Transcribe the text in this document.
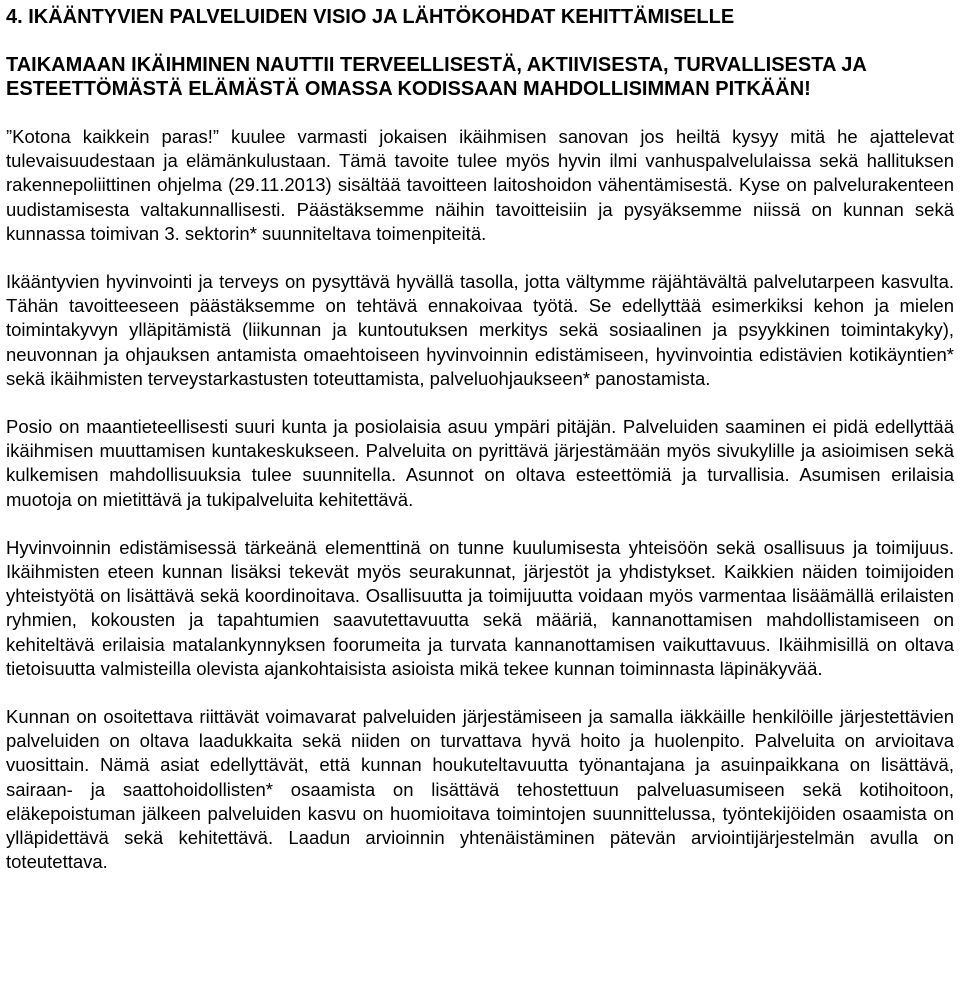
4. IKÄÄNTYVIEN PALVELUIDEN VISIO JA LÄHTÖKOHDAT KEHITTÄMISELLE
TAIKAMAAN IKÄIHMINEN NAUTTII TERVEELLISESTÄ, AKTIIVISESTA, TURVALLISESTA JA ESTEETTÖMÄSTÄ ELÄMÄSTÄ OMASSA KODISSAAN MAHDOLLISIMMAN PITKÄÄN!

”Kotona kaikkein paras!” kuulee varmasti jokaisen ikäihmisen sanovan jos heiltä kysyy mitä he ajattelevat tulevaisuudestaan ja elämänkulustaan. Tämä tavoite tulee myös hyvin ilmi vanhuspalvelulaissa sekä hallituksen rakennepoliittinen ohjelma (29.11.2013) sisältää tavoitteen laitoshoidon vähentämisestä. Kyse on palvelurakenteen uudistamisesta valtakunnallisesti. Päästäksemme näihin tavoitteisiin ja pysyäksemme niissä on kunnan sekä kunnassa toimivan 3. sektorin* suunniteltava toimenpiteitä.

Ikääntyvien hyvinvointi ja terveys on pysyttävä hyvällä tasolla, jotta vältymme räjähtävältä palvelutarpeen kasvulta. Tähän tavoitteeseen päästäksemme on tehtävä ennakoivaa työtä. Se edellyttää esimerkiksi kehon ja mielen toimintakyvyn ylläpitämistä (liikunnan ja kuntoutuksen merkitys sekä sosiaalinen ja psyykkinen toimintakyky), neuvonnan ja ohjauksen antamista omaehtoiseen hyvinvoinnin edistämiseen, hyvinvointia edistävien kotikäyntien* sekä ikäihmisten terveystarkastusten toteuttamista, palveluohjaukseen* panostamista.

Posio on maantieteellisesti suuri kunta ja posiolaisia asuu ympäri pitäjän. Palveluiden saaminen ei pidä edellyttää ikäihmisen muuttamisen kuntakeskukseen. Palveluita on pyrittävä järjestämään myös sivukylille ja asioimisen sekä kulkemisen mahdollisuuksia tulee suunnitella. Asunnot on oltava esteettömiä ja turvallisia. Asumisen erilaisia muotoja on mietittävä ja tukipalveluita kehitettävä.

Hyvinvoinnin edistämisessä tärkeänä elementtinä on tunne kuulumisesta yhteisöön sekä osallisuus ja toimijuus. Ikäihmisten eteen kunnan lisäksi tekevät myös seurakunnat, järjestöt ja yhdistykset. Kaikkien näiden toimijoiden yhteistyötä on lisättävä sekä koordinoitava. Osallisuutta ja toimijuutta voidaan myös varmentaa lisäämällä erilaisten ryhmien, kokousten ja tapahtumien saavutettavuutta sekä määriä, kannanottamisen mahdollistamiseen on kehiteltävä erilaisia matalankynnyksen foorumeita ja turvata kannanottamisen vaikuttavuus. Ikäihmisillä on oltava tietoisuutta valmisteilla olevista ajankohtaisista asioista mikä tekee kunnan toiminnasta läpinäkyvää.

Kunnan on osoitettava riittävät voimavarat palveluiden järjestämiseen ja samalla iäkkäille henkilöille järjestettävien palveluiden on oltava laadukkaita sekä niiden on turvattava hyvä hoito ja huolenpito. Palveluita on arvioitava vuosittain. Nämä asiat edellyttävät, että kunnan houkuteltavuutta työnantajana ja asuinpaikkana on lisättävä, sairaan- ja saattohoidollisten* osaamista on lisättävä tehostettuun palveluasumiseen sekä kotihoitoon, eläkepoistuman jälkeen palveluiden kasvu on huomioitava toimintojen suunnittelussa, työntekijöiden osaamista on ylläpidettävä sekä kehitettävä. Laadun arvioinnin yhtenäistäminen pätevän arviointijärjestelmän avulla on toteutettava.
